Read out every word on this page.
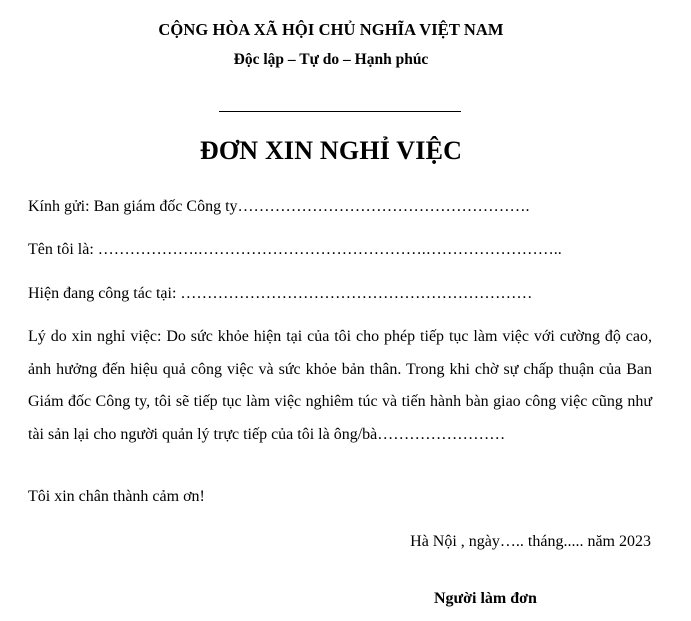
CỘNG HÒA XÃ HỘI CHỦ NGHĨA VIỆT NAM
Độc lập – Tự do – Hạnh phúc
ĐƠN XIN NGHỈ VIỆC
Kính gửi: Ban giám đốc Công ty……………………………………………….
Tên tôi là: ……………….…………………………………….……………………..
Hiện đang công tác tại: …………………………………………………………
Lý do xin nghỉ việc: Do sức khỏe hiện tại của tôi cho phép tiếp tục làm việc với cường độ cao, ảnh hưởng đến hiệu quả công việc và sức khỏe bản thân. Trong khi chờ sự chấp thuận của Ban Giám đốc Công ty, tôi sẽ tiếp tục làm việc nghiêm túc và tiến hành bàn giao công việc cũng như tài sản lại cho người quản lý trực tiếp của tôi là ông/bà……………………
Tôi xin chân thành cảm ơn!
Hà Nội , ngày….. tháng..... năm 2023
Người làm đơn
